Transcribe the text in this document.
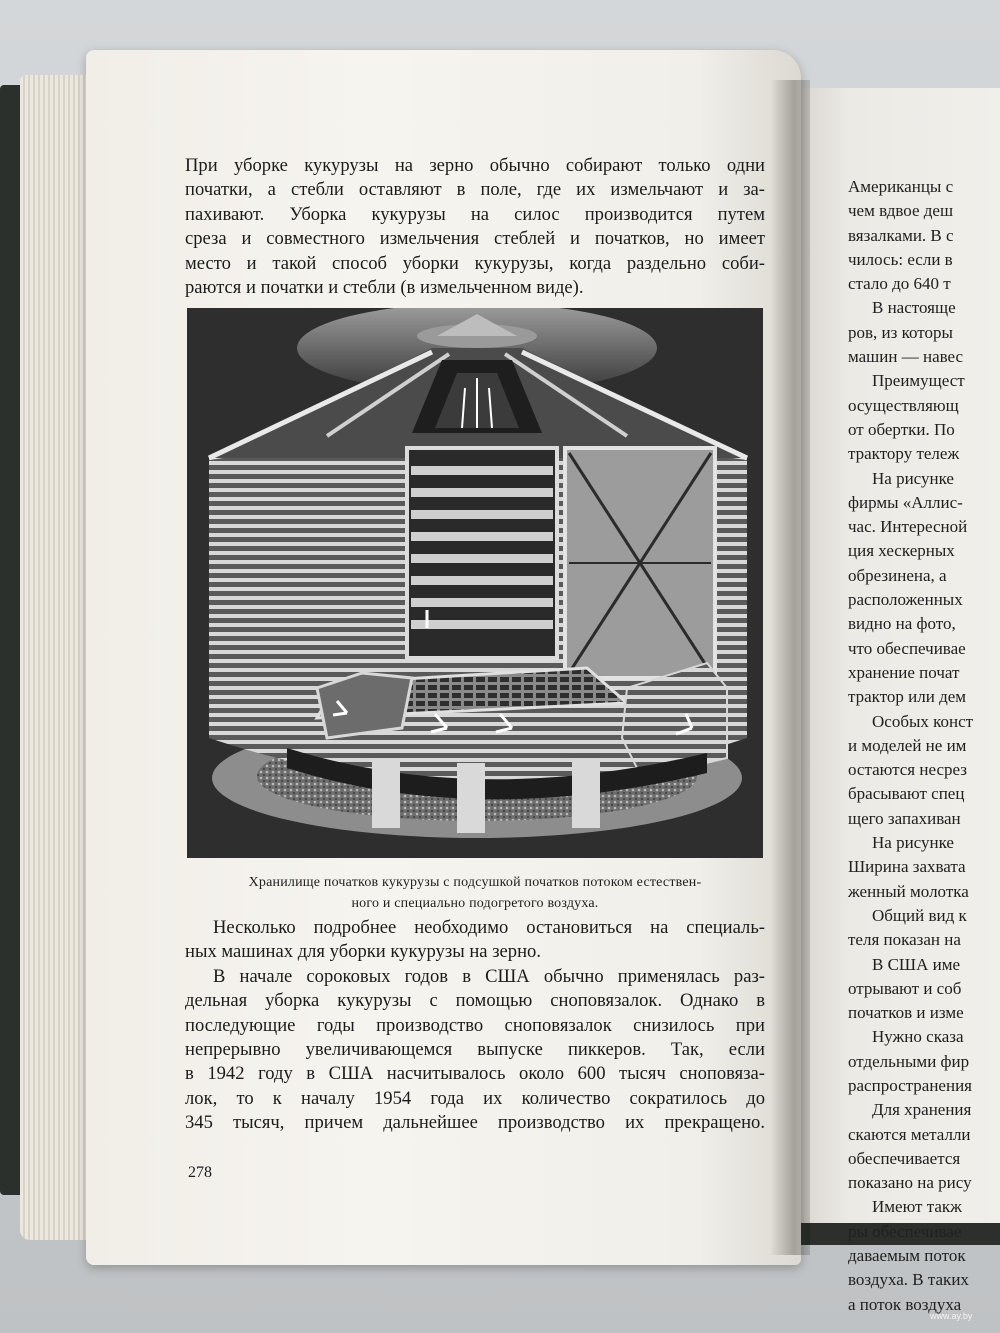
При уборке кукурузы на зерно обычно собирают только одни
початки, а стебли оставляют в поле, где их измельчают и за-
пахивают. Уборка кукурузы на силос производится путем
среза и совместного измельчения стеблей и початков, но имеет
место и такой способ уборки кукурузы, когда раздельно соби-
раются и початки и стебли (в измельченном виде).
Хранилище початков кукурузы с подсушкой початков потоком естествен-
ного и специально подогретого воздуха.
Несколько подробнее необходимо остановиться на специаль-
ных машинах для уборки кукурузы на зерно.
В начале сороковых годов в США обычно применялась раз-
дельная уборка кукурузы с помощью сноповязалок. Однако в
последующие годы производство сноповязалок снизилось при
непрерывно увеличивающемся выпуске пиккеров. Так, если
в 1942 году в США насчитывалось около 600 тысяч сноповяза-
лок, то к началу 1954 года их количество сократилось до
345 тысяч, причем дальнейшее производство их прекращено.
278
Американцы с
чем вдвое деш
вязалками. В с
чилось: если в
стало до 640 т
В настояще
ров, из которы
машин — навес
Преимущест
осуществляющ
от обертки. По
трактору тележ
На рисунке
фирмы «Аллис-
час. Интересной
ция хескерных
обрезинена, а
расположенных
видно на фото,
что обеспечивае
хранение почат
трактор или дем
Особых конст
и моделей не им
остаются несрез
брасывают спец
щего запахиван
На рисунке
Ширина захвата
женный молотка
Общий вид к
теля показан на
В США име
отрывают и соб
початков и изме
Нужно сказа
отдельными фир
распространения
Для хранения
скаются металли
обеспечивается
показано на рису
Имеют такж
ры обеспечивае
даваемым поток
воздуха. В таких
а поток воздуха
www.ay.by
